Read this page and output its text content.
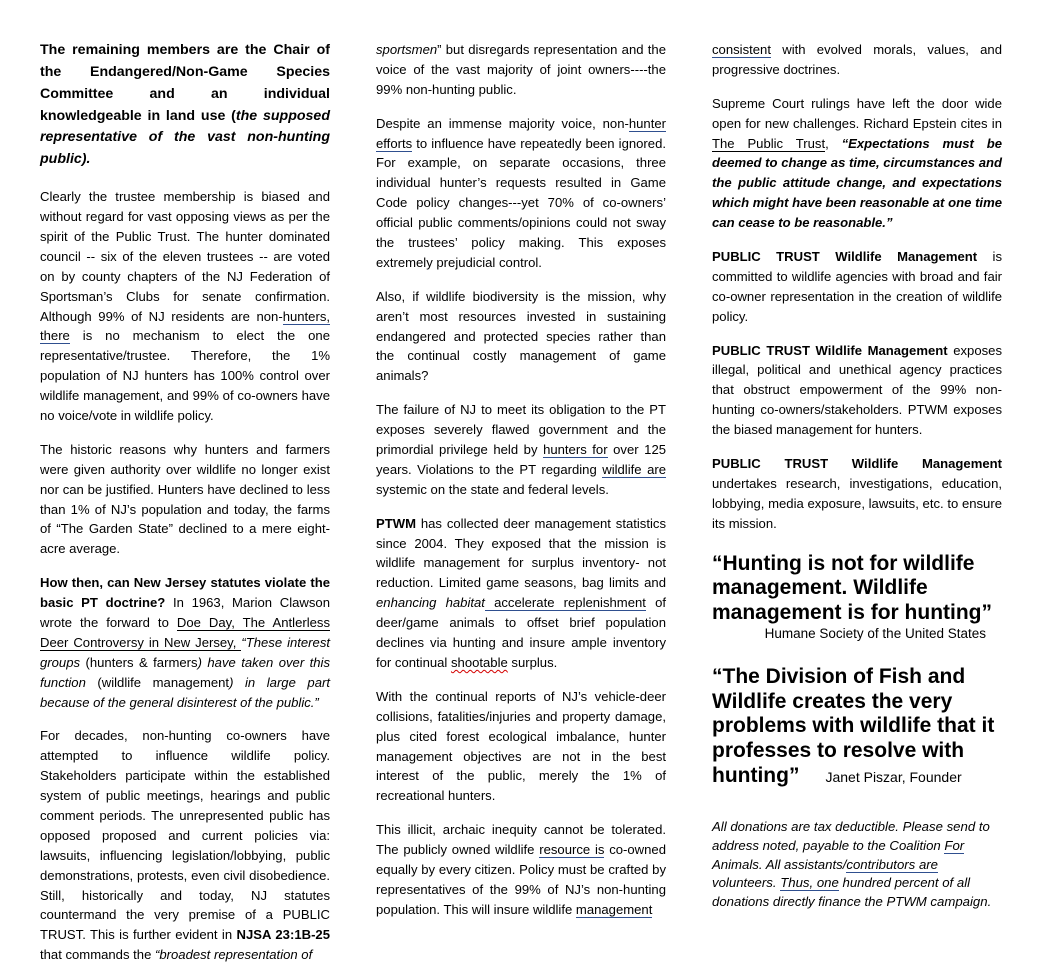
The remaining members are the Chair of the Endangered/Non-Game Species Committee and an individual knowledgeable in land use (the supposed representative of the vast non-hunting public).

Clearly the trustee membership is biased and without regard for vast opposing views as per the spirit of the Public Trust. The hunter dominated council -- six of the eleven trustees -- are voted on by county chapters of the NJ Federation of Sportsman’s Clubs for senate confirmation. Although 99% of NJ residents are non-hunters, there is no mechanism to elect the one representative/trustee. Therefore, the 1% population of NJ hunters has 100% control over wildlife management, and 99% of co-owners have no voice/vote in wildlife policy.

The historic reasons why hunters and farmers were given authority over wildlife no longer exist nor can be justified. Hunters have declined to less than 1% of NJ’s population and today, the farms of “The Garden State” declined to a mere eight-acre average.

How then, can New Jersey statutes violate the basic PT doctrine? In 1963, Marion Clawson wrote the forward to Doe Day, The Antlerless Deer Controversy in New Jersey, “These interest groups (hunters & farmers) have taken over this function (wildlife management) in large part because of the general disinterest of the public.”

For decades, non-hunting co-owners have attempted to influence wildlife policy. Stakeholders participate within the established system of public meetings, hearings and public comment periods. The unrepresented public has opposed proposed and current policies via: lawsuits, influencing legislation/lobbying, public demonstrations, protests, even civil disobedience. Still, historically and today, NJ statutes countermand the very premise of a PUBLIC TRUST. This is further evident in NJSA 23:1B-25 that commands the “broadest representation of

sportsmen” but disregards representation and the voice of the vast majority of joint owners----the 99% non-hunting public.

Despite an immense majority voice, non-hunter efforts to influence have repeatedly been ignored. For example, on separate occasions, three individual hunter’s requests resulted in Game Code policy changes---yet 70% of co-owners’ official public comments/opinions could not sway the trustees’ policy making. This exposes extremely prejudicial control.

Also, if wildlife biodiversity is the mission, why aren’t most resources invested in sustaining endangered and protected species rather than the continual costly management of game animals?

The failure of NJ to meet its obligation to the PT exposes severely flawed government and the primordial privilege held by hunters for over 125 years. Violations to the PT regarding wildlife are systemic on the state and federal levels.

PTWM has collected deer management statistics since 2004. They exposed that the mission is wildlife management for surplus inventory- not reduction. Limited game seasons, bag limits and enhancing habitat accelerate replenishment of deer/game animals to offset brief population declines via hunting and insure ample inventory for continual shootable surplus.

With the continual reports of NJ’s vehicle-deer collisions, fatalities/injuries and property damage, plus cited forest ecological imbalance, hunter management objectives are not in the best interest of the public, merely the 1% of recreational hunters.

This illicit, archaic inequity cannot be tolerated. The publicly owned wildlife resource is co-owned equally by every citizen. Policy must be crafted by representatives of the 99% of NJ’s non-hunting population. This will insure wildlife management

consistent with evolved morals, values, and progressive doctrines.

Supreme Court rulings have left the door wide open for new challenges. Richard Epstein cites in The Public Trust, “Expectations must be deemed to change as time, circumstances and the public attitude change, and expectations which might have been reasonable at one time can cease to be reasonable.”

PUBLIC TRUST Wildlife Management is committed to wildlife agencies with broad and fair co-owner representation in the creation of wildlife policy.

PUBLIC TRUST Wildlife Management exposes illegal, political and unethical agency practices that obstruct empowerment of the 99% non-hunting co-owners/stakeholders. PTWM exposes the biased management for hunters.

PUBLIC TRUST Wildlife Management undertakes research, investigations, education, lobbying, media exposure, lawsuits, etc. to ensure its mission.

“Hunting is not for wildlife management. Wildlife management is for hunting”

Humane Society of the United States

“The Division of Fish and Wildlife creates the very problems with wildlife that it professes to resolve with hunting” Janet Piszar, Founder

All donations are tax deductible. Please send to address noted, payable to the Coalition For Animals. All assistants/contributors are volunteers. Thus, one hundred percent of all donations directly finance the PTWM campaign.
